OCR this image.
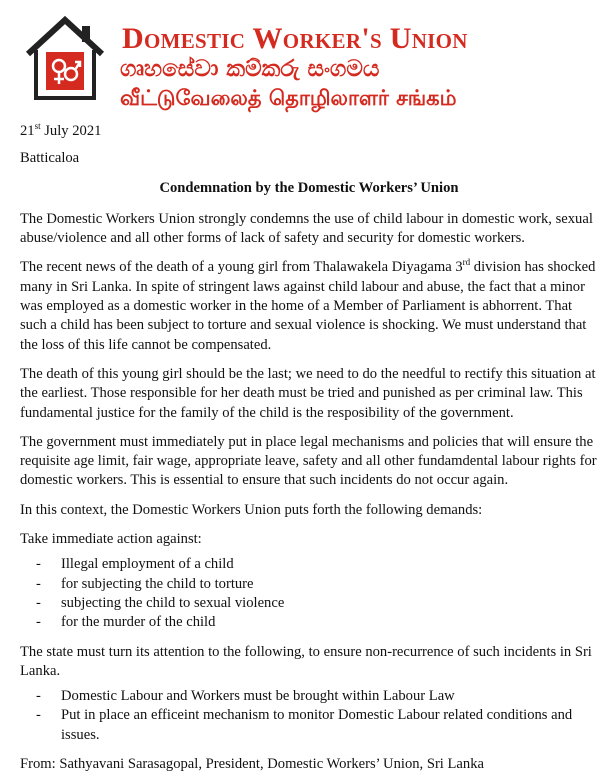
Domestic Worker's Union
ගෘහසේවා කම්කරු සංගමය
வீட்டுவேலைத் தொழிலாளர் சங்கம்

21st July 2021

Batticaloa

Condemnation by the Domestic Workers’ Union

The Domestic Workers Union strongly condemns the use of child labour in domestic work, sexual abuse/violence and all other forms of lack of safety and security for domestic workers.

The recent news of the death of a young girl from Thalawakela Diyagama 3rd division has shocked many in Sri Lanka. In spite of stringent laws against child labour and abuse, the fact that a minor was employed as a domestic worker in the home of a Member of Parliament is abhorrent. That such a child has been subject to torture and sexual violence is shocking. We must understand that the loss of this life cannot be compensated.

The death of this young girl should be the last; we need to do the needful to rectify this situation at the earliest. Those responsible for her death must be tried and punished as per criminal law. This fundamental justice for the family of the child is the resposibility of the government.

The government must immediately put in place legal mechanisms and policies that will ensure the requisite age limit, fair wage, appropriate leave, safety and all other fundamdental labour rights for domestic workers. This is essential to ensure that such incidents do not occur again.

In this context, the Domestic Workers Union puts forth the following demands:

Take immediate action against:

- Illegal employment of a child
- for subjecting the child to torture
- subjecting the child to sexual violence
- for the murder of the child

The state must turn its attention to the following, to ensure non-recurrence of such incidents in Sri Lanka.

- Domestic Labour and Workers must be brought within Labour Law
- Put in place an efficeint mechanism to monitor Domestic Labour related conditions and issues.

From: Sathyavani Sarasagopal, President, Domestic Workers’ Union, Sri Lanka
